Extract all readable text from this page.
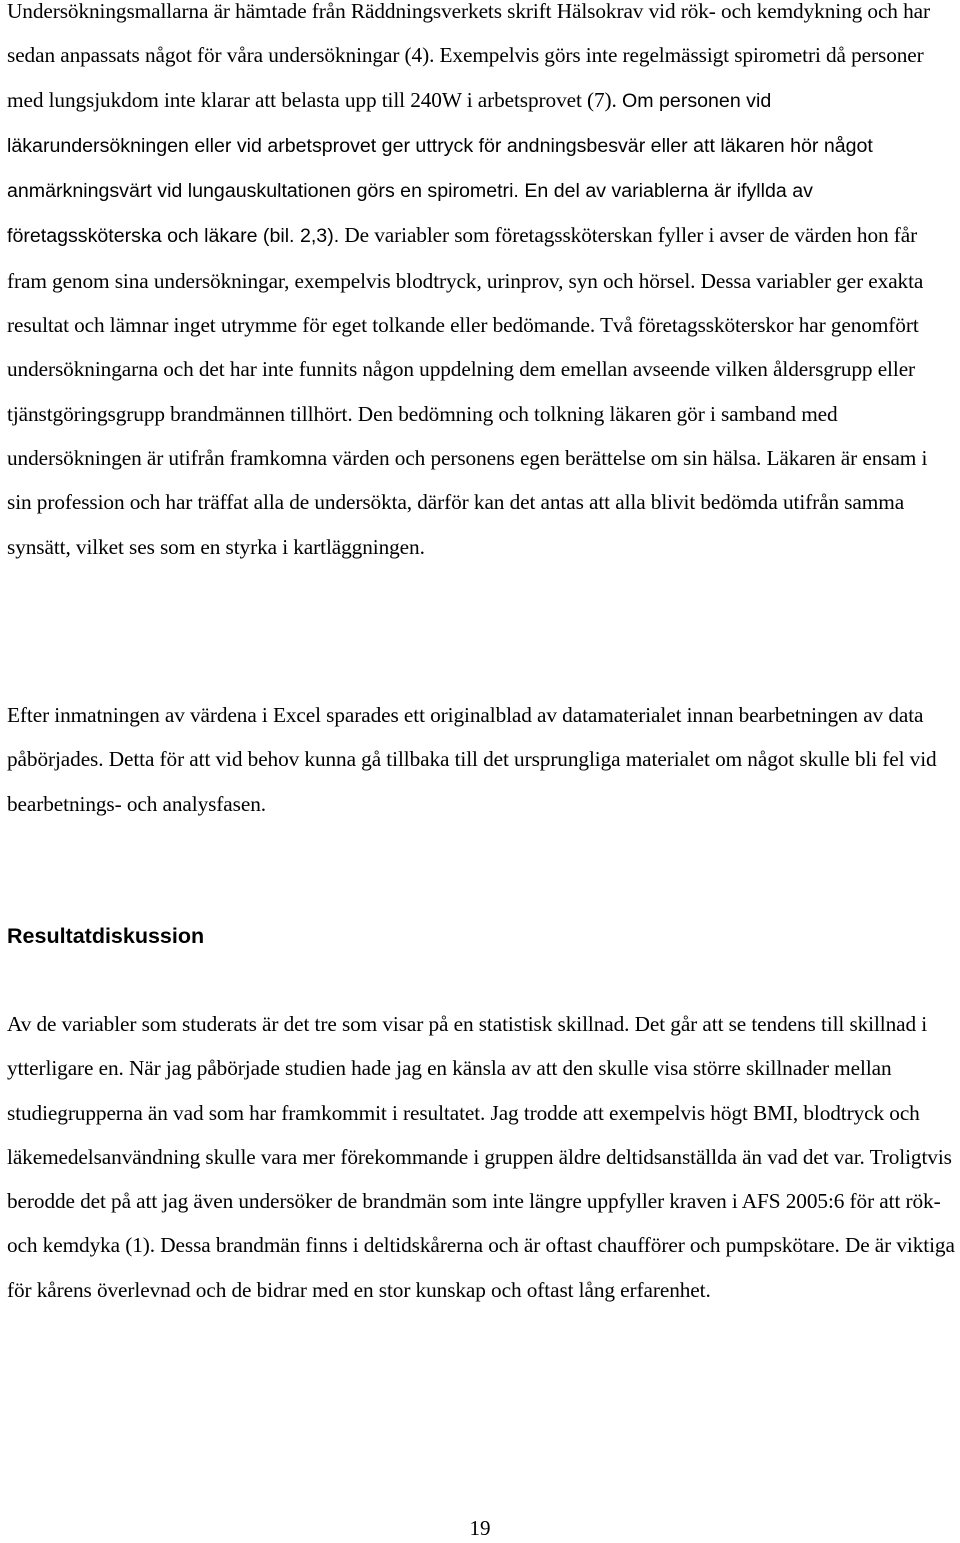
Undersökningsmallarna är hämtade från Räddningsverkets skrift Hälsokrav vid rök- och kemdykning och har sedan anpassats något för våra undersökningar (4). Exempelvis görs inte regelmässigt spirometri då personer med lungsjukdom inte klarar att belasta upp till 240W i arbetsprovet (7). Om personen vid läkarundersökningen eller vid arbetsprovet ger uttryck för andningsbesvär eller att läkaren hör något anmärkningsvärt vid lungauskultationen görs en spirometri. En del av variablerna är ifyllda av företagssköterska och läkare (bil. 2,3). De variabler som företagssköterskan fyller i avser de värden hon får fram genom sina undersökningar, exempelvis blodtryck, urinprov, syn och hörsel. Dessa variabler ger exakta resultat och lämnar inget utrymme för eget tolkande eller bedömande. Två företagssköterskor har genomfört undersökningarna och det har inte funnits någon uppdelning dem emellan avseende vilken åldersgrupp eller tjänstgöringsgrupp brandmännen tillhört. Den bedömning och tolkning läkaren gör i samband med undersökningen är utifrån framkomna värden och personens egen berättelse om sin hälsa. Läkaren är ensam i sin profession och har träffat alla de undersökta, därför kan det antas att alla blivit bedömda utifrån samma synsätt, vilket ses som en styrka i kartläggningen.

Efter inmatningen av värdena i Excel sparades ett originalblad av datamaterialet innan bearbetningen av data påbörjades. Detta för att vid behov kunna gå tillbaka till det ursprungliga materialet om något skulle bli fel vid bearbetnings- och analysfasen.

Resultatdiskussion

Av de variabler som studerats är det tre som visar på en statistisk skillnad. Det går att se tendens till skillnad i ytterligare en. När jag påbörjade studien hade jag en känsla av att den skulle visa större skillnader mellan studiegrupperna än vad som har framkommit i resultatet. Jag trodde att exempelvis högt BMI, blodtryck och läkemedelsanvändning skulle vara mer förekommande i gruppen äldre deltidsanställda än vad det var. Troligtvis berodde det på att jag även undersöker de brandmän som inte längre uppfyller kraven i AFS 2005:6 för att rök- och kemdyka (1). Dessa brandmän finns i deltidskårerna och är oftast chaufförer och pumpskötare. De är viktiga för kårens överlevnad och de bidrar med en stor kunskap och oftast lång erfarenhet.

19
